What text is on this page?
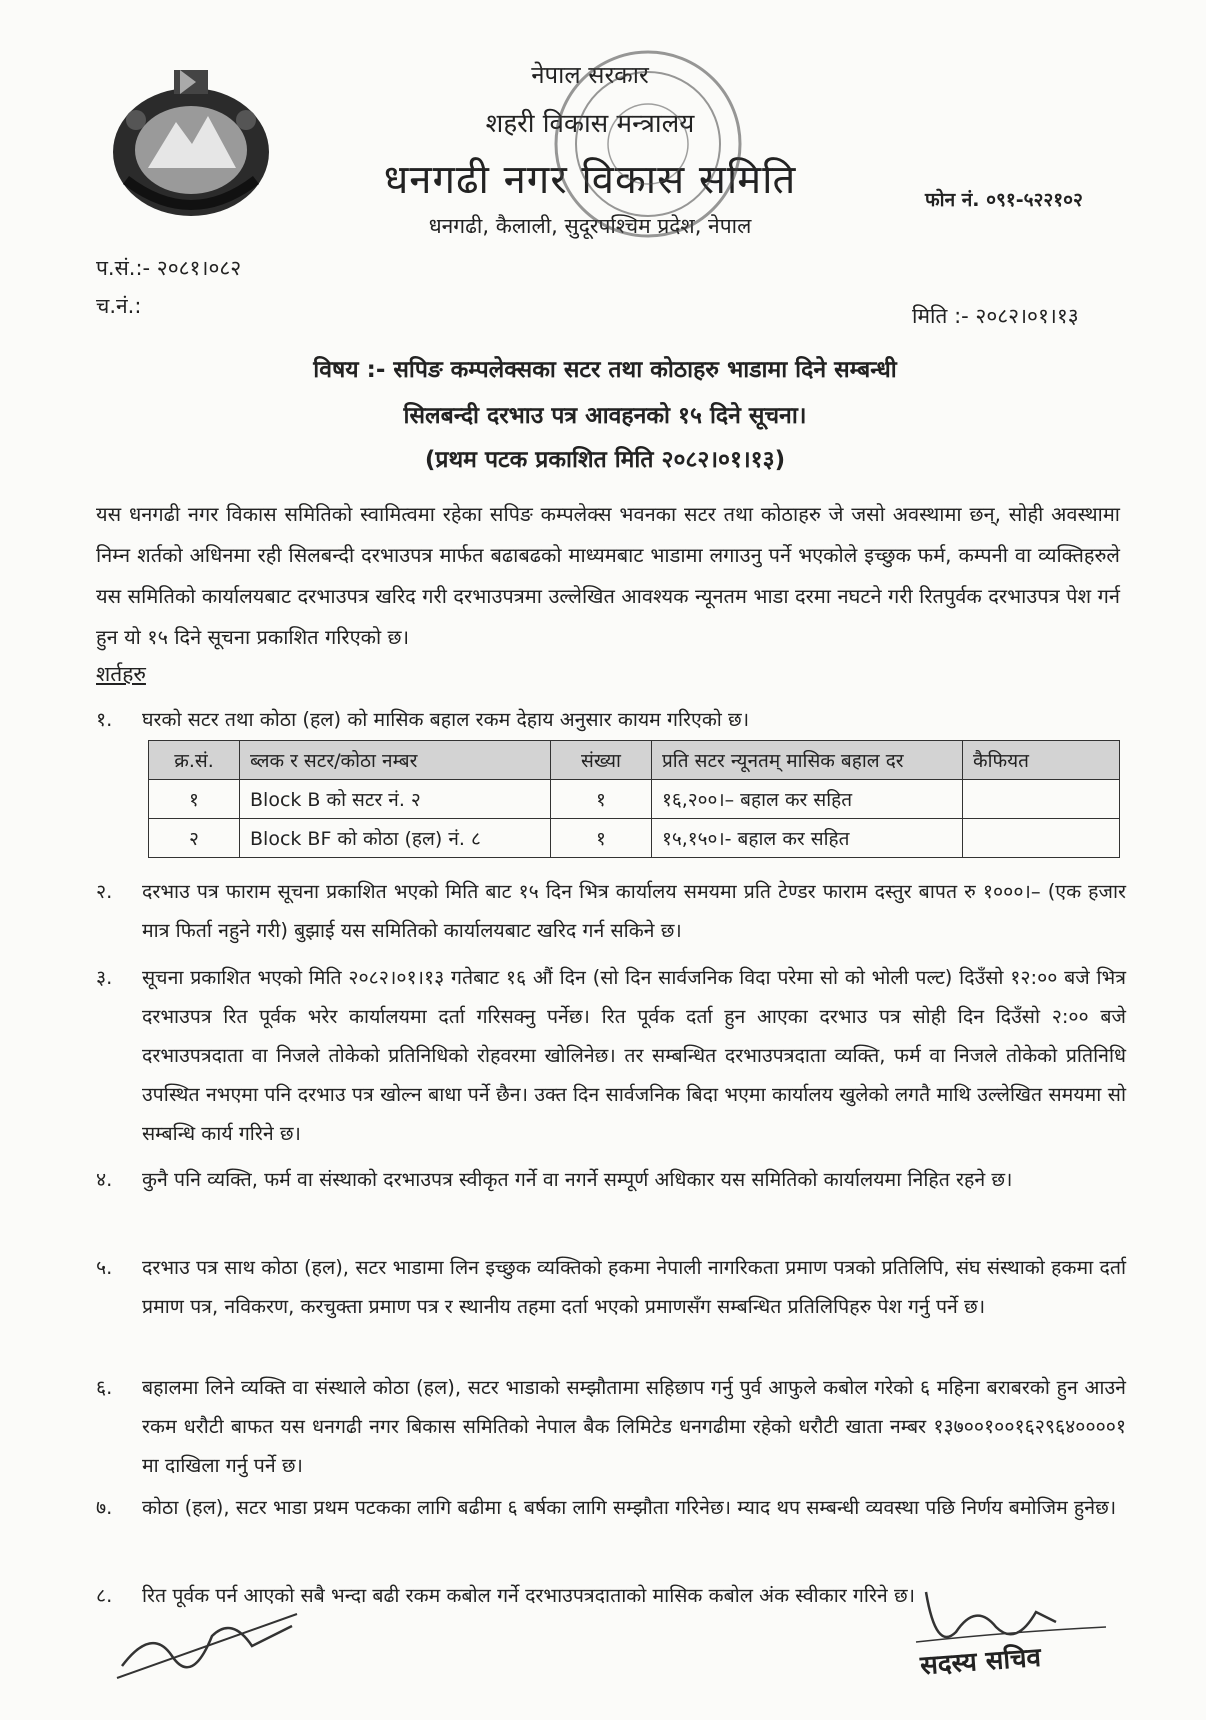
नेपाल सरकार
शहरी विकास मन्त्रालय
धनगढी नगर विकास समिति
धनगढी, कैलाली, सुदूरपश्चिम प्रदेश, नेपाल
फोन नं. ०९१-५२२१०२
प.सं.:- २०८१।०८२
च.नं.:	मिति :- २०८२।०१।१३
विषय :- सपिङ कम्पलेक्सका सटर तथा कोठाहरु भाडामा दिने सम्बन्धी
सिलबन्दी दरभाउ पत्र आवहनको १५ दिने सूचना।
(प्रथम पटक प्रकाशित मिति २०८२।०१।१३)
यस धनगढी नगर विकास समितिको स्वामित्वमा रहेका सपिङ कम्पलेक्स भवनका सटर तथा कोठाहरु जे जसो अवस्थामा छन्, सोही अवस्थामा निम्न शर्तको अधिनमा रही सिलबन्दी दरभाउपत्र मार्फत बढाबढको माध्यमबाट भाडामा लगाउनु पर्ने भएकोले इच्छुक फर्म, कम्पनी वा व्यक्तिहरुले यस समितिको कार्यालयबाट दरभाउपत्र खरिद गरी दरभाउपत्रमा उल्लेखित आवश्यक न्यूनतम भाडा दरमा नघटने गरी रितपुर्वक दरभाउपत्र पेश गर्न हुन यो १५ दिने सूचना प्रकाशित गरिएको छ।
शर्तहरु
१.	घरको सटर तथा कोठा (हल) को मासिक बहाल रकम देहाय अनुसार कायम गरिएको छ।
क्र.सं.	ब्लक र सटर/कोठा नम्बर	संख्या	प्रति सटर न्यूनतम् मासिक बहाल दर	कैफियत
१	Block B को सटर नं. २	१	१६,२००।– बहाल कर सहित	
२	Block BF को कोठा (हल) नं. ८	१	१५,१५०।- बहाल कर सहित	
२.	दरभाउ पत्र फाराम सूचना प्रकाशित भएको मिति बाट १५ दिन भित्र कार्यालय समयमा प्रति टेण्डर फाराम दस्तुर बापत रु १०००।– (एक हजार मात्र फिर्ता नहुने गरी) बुझाई यस समितिको कार्यालयबाट खरिद गर्न सकिने छ।
३.	सूचना प्रकाशित भएको मिति २०८२।०१।१३ गतेबाट १६ औं दिन (सो दिन सार्वजनिक विदा परेमा सो को भोली पल्ट) दिउँसो १२:०० बजे भित्र दरभाउपत्र रित पूर्वक भरेर कार्यालयमा दर्ता गरिसक्नु पर्नेछ। रित पूर्वक दर्ता हुन आएका दरभाउ पत्र सोही दिन दिउँसो २:०० बजे दरभाउपत्रदाता वा निजले तोकेको प्रतिनिधिको रोहवरमा खोलिनेछ। तर सम्बन्धित दरभाउपत्रदाता व्यक्ति, फर्म वा निजले तोकेको प्रतिनिधि उपस्थित नभएमा पनि दरभाउ पत्र खोल्न बाधा पर्ने छैन। उक्त दिन सार्वजनिक बिदा भएमा कार्यालय खुलेको लगतै माथि उल्लेखित समयमा सो सम्बन्धि कार्य गरिने छ।
४.	कुनै पनि व्यक्ति, फर्म वा संस्थाको दरभाउपत्र स्वीकृत गर्ने वा नगर्ने सम्पूर्ण अधिकार यस समितिको कार्यालयमा निहित रहने छ।
५.	दरभाउ पत्र साथ कोठा (हल), सटर भाडामा लिन इच्छुक व्यक्तिको हकमा नेपाली नागरिकता प्रमाण पत्रको प्रतिलिपि, संघ संस्थाको हकमा दर्ता प्रमाण पत्र, नविकरण, करचुक्ता प्रमाण पत्र र स्थानीय तहमा दर्ता भएको प्रमाणसँग सम्बन्धित प्रतिलिपिहरु पेश गर्नु पर्ने छ।
६.	बहालमा लिने व्यक्ति वा संस्थाले कोठा (हल), सटर भाडाको सम्झौतामा सहिछाप गर्नु पुर्व आफुले कबोल गरेको ६ महिना बराबरको हुन आउने रकम धरौटी बाफत यस धनगढी नगर बिकास समितिको नेपाल बैक लिमिटेड धनगढीमा रहेको धरौटी खाता नम्बर १३७००१००१६२९६४००००१ मा दाखिला गर्नु पर्ने छ।
७.	कोठा (हल), सटर भाडा प्रथम पटकका लागि बढीमा ६ बर्षका लागि सम्झौता गरिनेछ। म्याद थप सम्बन्धी व्यवस्था पछि निर्णय बमोजिम हुनेछ।
८.	रित पूर्वक पर्न आएको सबै भन्दा बढी रकम कबोल गर्ने दरभाउपत्रदाताको मासिक कबोल अंक स्वीकार गरिने छ।
सदस्य सचिव
